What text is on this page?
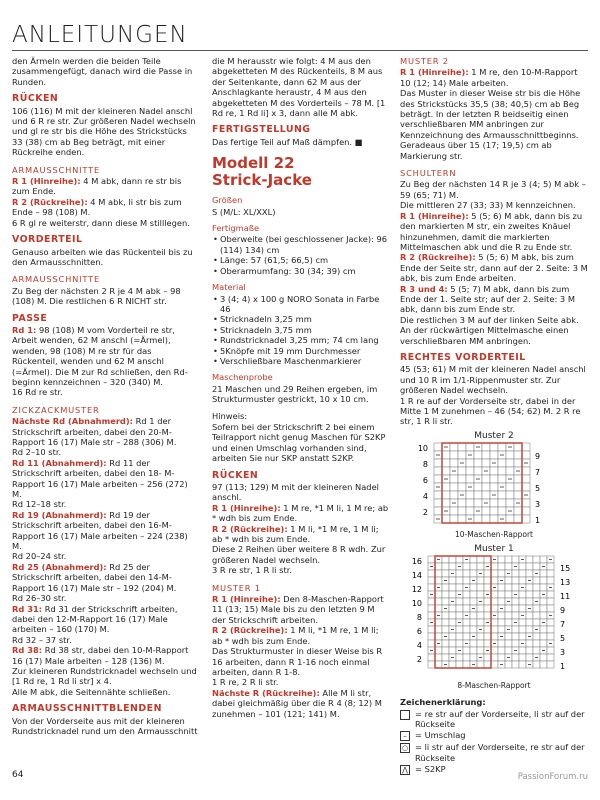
ANLEITUNGEN

den Ärmeln werden die beiden Teile zusammengefügt, danach wird die Passe in Runden.

RÜCKEN

106 (116) M mit der kleineren Nadel anschl und 6 R re str. Zur größeren Nadel wechseln und gl re str bis die Höhe des Strickstücks 33 (38) cm ab Beg beträgt, mit einer Rückreihe enden.

ARMAUSSCHNITTE

R 1 (Hinreihe): 4 M abk, dann re str bis zum Ende.

R 2 (Rückreihe): 4 M abk, li str bis zum Ende – 98 (108) M.

6 R gl re weiterstr, dann diese M stilllegen.

VORDERTEIL

Genauso arbeiten wie das Rückenteil bis zu den Armausschnitten.

ARMAUSSCHNITTE

Zu Beg der nächsten 2 R je 4 M abk – 98 (108) M. Die restlichen 6 R NICHT str.

PASSE

Rd 1: 98 (108) M vom Vorderteil re str, Arbeit wenden, 62 M anschl (=Ärmel), wenden, 98 (108) M re str für das Rückenteil, wenden und 62 M anschl (=Ärmel). Die M zur Rd schließen, den Rd-beginn kennzeichnen – 320 (340) M.

16 Rd re str.

ZICKZACKMUSTER

Nächste Rd (Abnahmerd): Rd 1 der Strickschrift arbeiten, dabei den 20-M-Rapport 16 (17) Male str – 288 (306) M.

Rd 2–10 str.

Rd 11 (Abnahmerd): Rd 11 der Strickschrift arbeiten, dabei den 18- M- Rapport 16 (17) Male arbeiten – 256 (272) M.

Rd 12–18 str.

Rd 19 (Abnahmerd): Rd 19 der Strickschrift arbeiten, dabei den 16-M-Rapport 16 (17) Male arbeiten – 224 (238) M.

Rd 20–24 str.

Rd 25 (Abnahmerd): Rd 25 der Strickschrift arbeiten, dabei den 14-M-Rapport 16 (17) Male str – 192 (204) M.

Rd 26–30 str.

Rd 31: Rd 31 der Strickschrift arbeiten, dabei den 12-M-Rapport 16 (17) Male arbeiten – 160 (170) M.

Rd 32 – 37 str.

Rd 38: Rd 38 str, dabei den 10-M-Rapport 16 (17) Male arbeiten – 128 (136) M.

Zur kleineren Rundstricknadel wechseln und [1 Rd re, 1 Rd li str] x 4.

Alle M abk, die Seitennähte schließen.

ARMAUSSCHNITTBLENDEN

Von der Vorderseite aus mit der kleineren Rundstricknadel rund um den Armausschnitt

die M herausstr wie folgt: 4 M aus den abgeketteten M des Rückenteils, 8 M aus der Seitenkante, dann 62 M aus der Anschlagkante heraustr, 4 M aus den abgeketteten M des Vorderteils – 78 M. [1 Rd re, 1 Rd li] x 3, dann alle M abk.

FERTIGSTELLUNG

Das fertige Teil auf Maß dämpfen. ■

Modell 22
Strick-Jacke
Größen

S (M/L: XL/XXL)

Fertigmaße
• Oberweite (bei geschlossener Jacke): 96 (114) 134) cm
• Länge: 57 (61,5; 66,5) cm
• Oberarmumfang: 30 (34; 39) cm
Material
• 3 (4; 4) x 100 g NORO Sonata in Farbe 46
• Stricknadeln 3,25 mm
• Stricknadeln 3,75 mm
• Rundstricknadel 3,25 mm; 74 cm lang
• 5Knöpfe mit 19 mm Durchmesser
• Verschließbare Maschenmarkierer
Maschenprobe

21 Maschen und 29 Reihen ergeben, im Strukturmuster gestrickt, 10 x 10 cm.

Hinweis:

Sofern bei der Strickschrift 2 bei einem Teilrapport nicht genug Maschen für S2KP und einen Umschlag vorhanden sind, arbeiten Sie nur SKP anstatt S2KP.

RÜCKEN

97 (113; 129) M mit der kleineren Nadel anschl.

R 1 (Hinreihe): 1 M re, *1 M li, 1 M re; ab * wdh bis zum Ende.

R 2 (Rückreihe): 1 M li, *1 M re, 1 M li; ab * wdh bis zum Ende.

Diese 2 Reihen über weitere 8 R wdh. Zur größeren Nadel wechseln.

3 R re str, 1 R li str.

MUSTER 1

R 1 (Hinreihe): Den 8-Maschen-Rapport 11 (13; 15) Male bis zu den letzten 9 M der Strickschrift arbeiten.

R 2 (Rückreihe): 1 M li, *1 M re, 1 M li; ab * wdh bis zum Ende.

Das Strukturmuster in dieser Weise bis R 16 arbeiten, dann R 1-16 noch einmal arbeiten, dann R 1-8.

1 R re, 2 R li str.

Nächste R (Rückreihe): Alle M li str, dabei gleichmäßig über die R 4 (8; 12) M zunehmen – 101 (121; 141) M.

MUSTER 2

R 1 (Hinreihe): 1 M re, den 10-M-Rapport 10 (12; 14) Male arbeiten.

Das Muster in dieser Weise str bis die Höhe des Strickstücks 35,5 (38; 40,5) cm ab Beg beträgt. In der letzten R beidseitig einen verschließbaren MM anbringen zur Kennzeichnung des Armausschnittbeginns. Geradeaus über 15 (17; 19,5) cm ab Markierung str.

SCHULTERN

Zu Beg der nächsten 14 R je 3 (4; 5) M abk – 59 (65; 71) M.

Die mittleren 27 (33; 33) M kennzeichnen.

R 1 (Hinreihe): 5 (5; 6) M abk, dann bis zu den markierten M str, ein zweites Knäuel hinzunehmen, damit die markierten Mittelmaschen abk und die R zu Ende str.

R 2 (Rückreihe): 5 (5; 6) M abk, bis zum Ende der Seite str, dann auf der 2. Seite: 3 M abk, bis zum Ende arbeiten.

R 3 und 4: 5 (5; 7) M abk, dann bis zum Ende der 1. Seite str; auf der 2. Seite: 3 M abk, dann bis zum Ende str.

Die restlichen 3 M auf der linken Seite abk. An der rückwärtigen Mittelmasche einen verschließbaren MM anbringen.

RECHTES VORDERTEIL

45 (53; 61) M mit der kleineren Nadel anschl und 10 R im 1/1-Rippenmuster str. Zur größeren Nadel wechseln.

1 R re auf der Vorderseite str, dabei in der Mitte 1 M zunehmen – 46 (54; 62) M. 2 R re str, 1 R li str.

Muster 2
10
8
6
4
2
9
7
5
3
1
10-Maschen-Rapport
Muster 1
16
14
12
10
8
6
4
2
15
13
11
9
7
5
3
1
8-Maschen-Rapport
Zeichenerklärung:
= re str auf der Vorderseite, li str auf der Rückseite
– = Umschlag
○ = li str auf der Vorderseite, re str auf der Rückseite
⋀ = S2KP
64	PassionForum.ru
